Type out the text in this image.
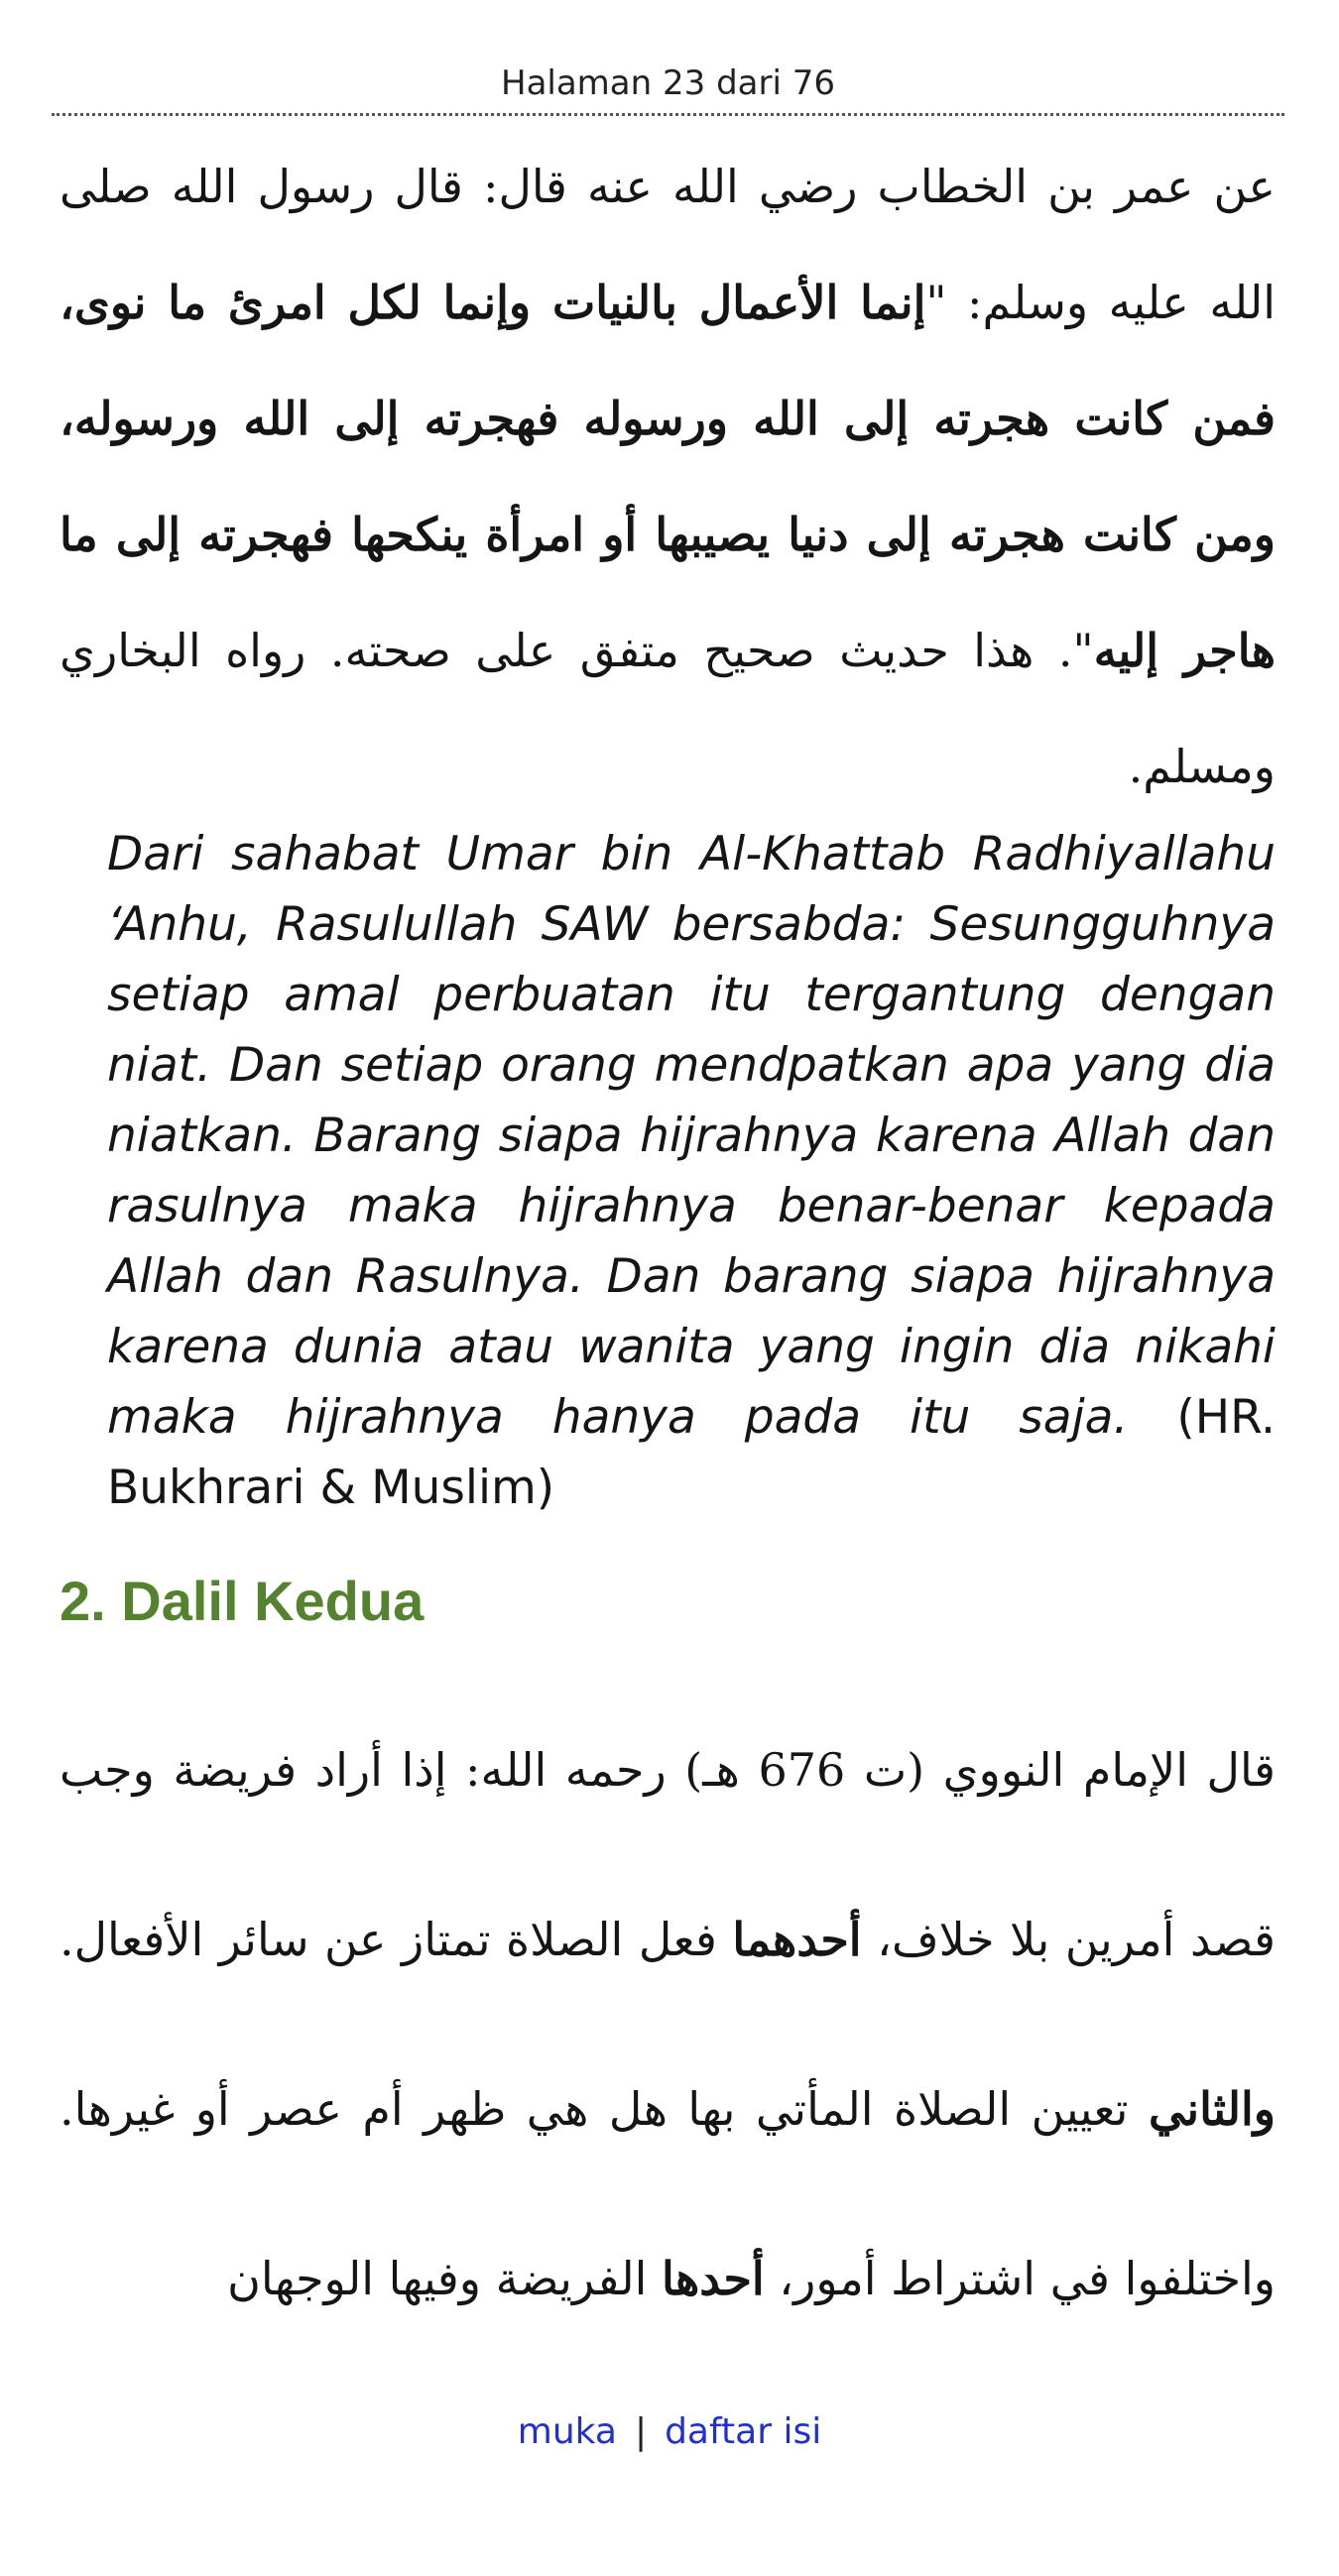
Halaman 23 dari 76
عن عمر بن الخطاب رضي الله عنه قال: قال رسول الله صلى الله عليه وسلم: "إنما الأعمال بالنيات وإنما لكل امرئ ما نوى، فمن كانت هجرته إلى الله ورسوله فهجرته إلى الله ورسوله، ومن كانت هجرته إلى دنيا يصيبها أو امرأة ينكحها فهجرته إلى ما هاجر إليه". هذا حديث صحيح متفق على صحته. رواه البخاري ومسلم.
Dari sahabat Umar bin Al-Khattab Radhiyallahu ‘Anhu, Rasulullah SAW bersabda: Sesungguhnya setiap amal perbuatan itu tergantung dengan niat. Dan setiap orang mendpatkan apa yang dia niatkan. Barang siapa hijrahnya karena Allah dan rasulnya maka hijrahnya benar-benar kepada Allah dan Rasulnya. Dan barang siapa hijrahnya karena dunia atau wanita yang ingin dia nikahi maka hijrahnya hanya pada itu saja. (HR. Bukhrari & Muslim)
2. Dalil Kedua
قال الإمام النووي (ت 676 هـ) رحمه الله: إذا أراد فريضة وجب قصد أمرين بلا خلاف، أحدهما فعل الصلاة تمتاز عن سائر الأفعال. والثاني تعيين الصلاة المأتي بها هل هي ظهر أم عصر أو غيرها. واختلفوا في اشتراط أمور، أحدها الفريضة وفيها الوجهان
muka | daftar isi
